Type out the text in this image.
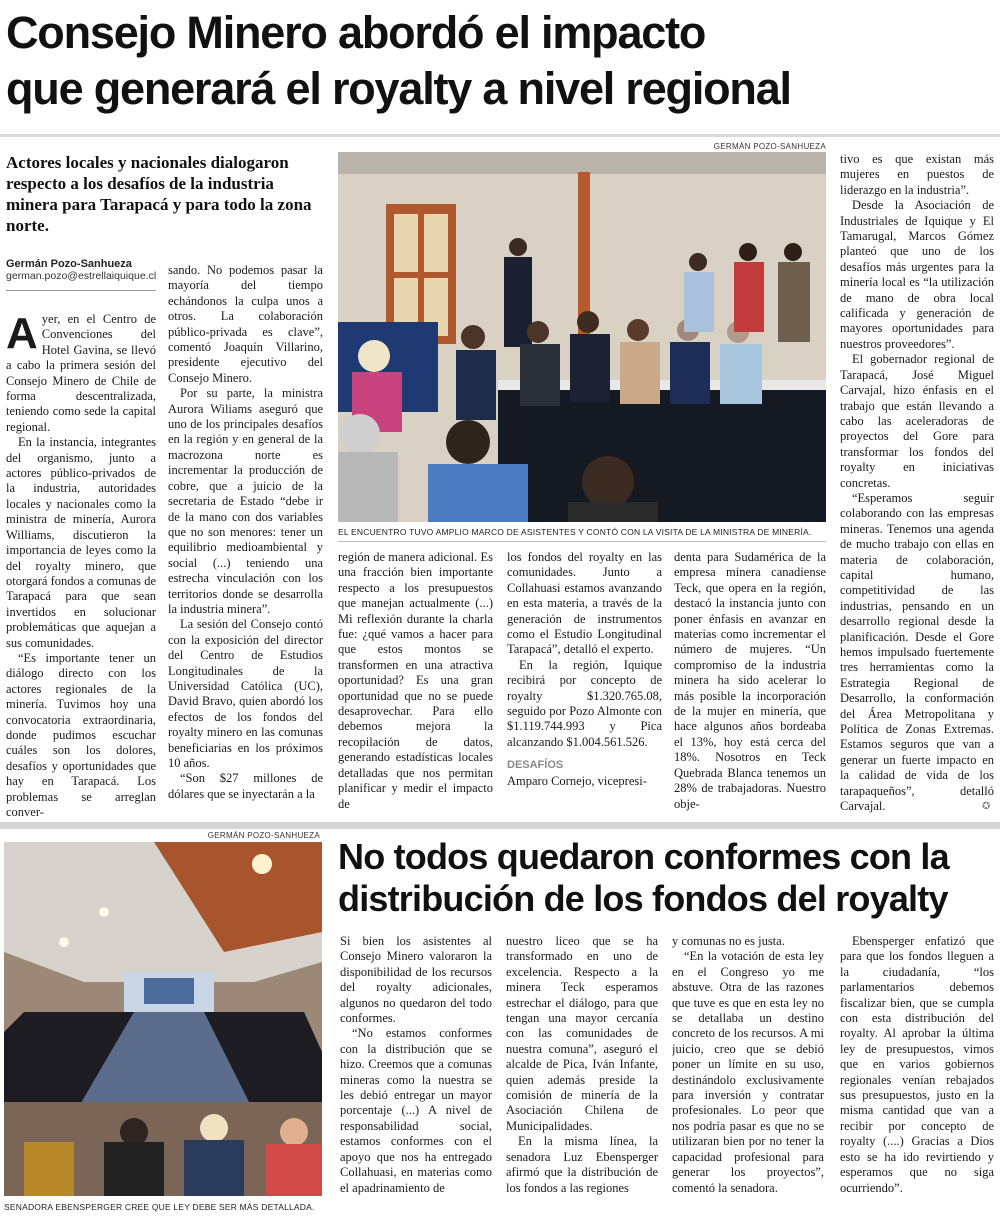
Consejo Minero abordó el impacto
que generará el royalty a nivel regional
Actores locales y nacionales dialogaron respecto a los desafíos de la industria minera para Tarapacá y para todo la zona norte.
Germán Pozo-Sanhueza
german.pozo@estrellaiquique.cl
A yer, en el Centro de Convenciones del Hotel Gavina, se llevó a cabo la primera sesión del Consejo Minero de Chile de forma descentralizada, teniendo como sede la capital regional.

En la instancia, integrantes del organismo, junto a actores público-privados de la industria, autoridades locales y nacionales como la ministra de minería, Aurora Williams, discutieron la importancia de leyes como la del royalty minero, que otorgará fondos a comunas de Tarapacá para que sean invertidos en solucionar problemáticas que aquejan a sus comunidades.

“Es importante tener un diálogo directo con los actores regionales de la minería. Tuvimos hoy una convocatoria extraordinaria, donde pudimos escuchar cuáles son los dolores, desafíos y oportunidades que hay en Tarapacá. Los problemas se arreglan conver-

sando. No podemos pasar la mayoría del tiempo echándonos la culpa unos a otros. La colaboración público-privada es clave”, comentó Joaquín Villarino, presidente ejecutivo del Consejo Minero.

Por su parte, la ministra Aurora Wiliams aseguró que uno de los principales desafíos en la región y en general de la macrozona norte es incrementar la producción de cobre, que a juicio de la secretaria de Estado “debe ir de la mano con dos variables que no son menores: tener un equilibrio medioambiental y social (...) teniendo una estrecha vinculación con los territorios donde se desarrolla la industria minera”.

La sesión del Consejo contó con la exposición del director del Centro de Estudios Longitudinales de la Universidad Católica (UC), David Bravo, quien abordó los efectos de los fondos del royalty minero en las comunas beneficiarias en los próximos 10 años.

“Son $27 millones de dólares que se inyectarán a la

GERMÁN POZO-SANHUEZA
EL ENCUENTRO TUVO AMPLIO MARCO DE ASISTENTES Y CONTÓ CON LA VISITA DE LA MINISTRA DE MINERÍA.

región de manera adicional. Es una fracción bien importante respecto a los presupuestos que manejan actualmente (...) Mi reflexión durante la charla fue: ¿qué vamos a hacer para que estos montos se transformen en una atractiva oportunidad? Es una gran oportunidad que no se puede desaprovechar. Para ello debemos mejora la recopilación de datos, generando estadísticas locales detalladas que nos permitan planificar y medir el impacto de

los fondos del royalty en las comunidades. Junto a Collahuasi estamos avanzando en esta materia, a través de la generación de instrumentos como el Estudio Longitudinal Tarapacá”, detalló el experto.

En la región, Iquique recibirá por concepto de royalty $1.320.765.08, seguido por Pozo Almonte con $1.119.744.993 y Pica alcanzando $1.004.561.526.

DESAFÍOS

Amparo Cornejo, vicepresi-

denta para Sudamérica de la empresa minera canadiense Teck, que opera en la región, destacó la instancia junto con poner énfasis en avanzar en materias como incrementar el número de mujeres. “Un compromiso de la industria minera ha sido acelerar lo más posible la incorporación de la mujer en minería, que hace algunos años bordeaba el 13%, hoy está cerca del 18%. Nosotros en Teck Quebrada Blanca tenemos un 28% de trabajadoras. Nuestro obje-

tivo es que existan más mujeres en puestos de liderazgo en la industria”.

Desde la Asociación de Industriales de Iquique y El Tamarugal, Marcos Gómez planteó que uno de los desafíos más urgentes para la minería local es “la utilización de mano de obra local calificada y generación de mayores oportunidades para nuestros proveedores”.

El gobernador regional de Tarapacá, José Miguel Carvajal, hizo énfasis en el trabajo que están llevando a cabo las aceleradoras de proyectos del Gore para transformar los fondos del royalty en iniciativas concretas.

“Esperamos seguir colaborando con las empresas mineras. Tenemos una agenda de mucho trabajo con ellas en materia de colaboración, capital humano, competitividad de las industrias, pensando en un desarrollo regional desde la planificación. Desde el Gore hemos impulsado fuertemente tres herramientas como la Estrategia Regional de Desarrollo, la conformación del Área Metropolitana y Política de Zonas Extremas. Estamos seguros que van a generar un fuerte impacto en la calidad de vida de los tarapaqueños”, detalló Carvajal.	✪
GERMÁN POZO-SANHUEZA
SENADORA EBENSPERGER CREE QUE LEY DEBE SER MÁS DETALLADA.
No todos quedaron conformes con la
distribución de los fondos del royalty

Si bien los asistentes al Consejo Minero valoraron la disponibilidad de los recursos del royalty adicionales, algunos no quedaron del todo conformes.

“No estamos conformes con la distribución que se hizo. Creemos que a comunas mineras como la nuestra se les debió entregar un mayor porcentaje (...) A nivel de responsabilidad social, estamos conformes con el apoyo que nos ha entregado Collahuasi, en materias como el apadrinamiento de

nuestro liceo que se ha transformado en uno de excelencia. Respecto a la minera Teck esperamos estrechar el diálogo, para que tengan una mayor cercanía con las comunidades de nuestra comuna”, aseguró el alcalde de Pica, Iván Infante, quien además preside la comisión de minería de la Asociación Chilena de Municipalidades.

En la misma línea, la senadora Luz Ebensperger afirmó que la distribución de los fondos a las regiones

y comunas no es justa.

“En la votación de esta ley en el Congreso yo me abstuve. Otra de las razones que tuve es que en esta ley no se detallaba un destino concreto de los recursos. A mi juicio, creo que se debió poner un límite en su uso, destinándolo exclusivamente para inversión y contratar profesionales. Lo peor que nos podría pasar es que no se utilizaran bien por no tener la capacidad profesional para generar los proyectos”, comentó la senadora.

Ebensperger enfatizó que para que los fondos lleguen a la ciudadanía, “los parlamentarios debemos fiscalizar bien, que se cumpla con esta distribución del royalty. Al aprobar la última ley de presupuestos, vimos que en varios gobiernos regionales venían rebajados sus presupuestos, justo en la misma cantidad que van a recibir por concepto de royalty (....) Gracias a Dios esto se ha ido revirtiendo y esperamos que no siga ocurriendo”.
